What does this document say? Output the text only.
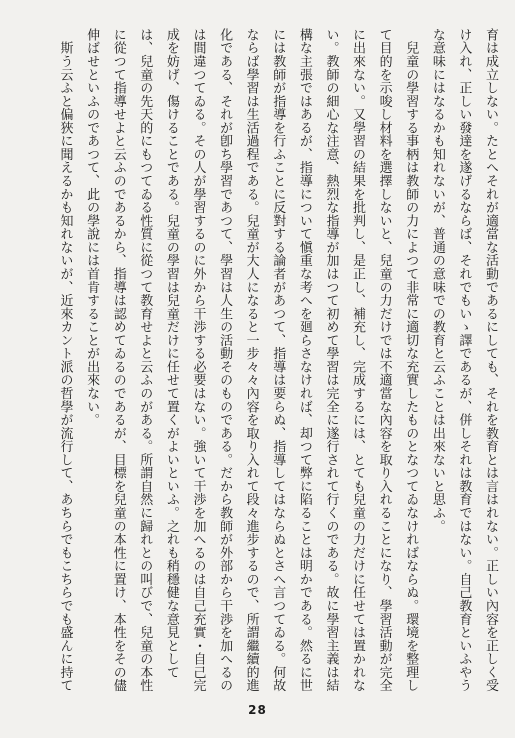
育は成立しない。たとへそれが適當な活動であるにしても、それを教育とは言はれない。正しい內容を正しく受
け入れ、正しい發達を遂げるならば、それでもいゝ譯であるが、併しそれは教育ではない。自己教育といふやう
な意味にはなるかも知れないが、普通の意味での教育と云ふことは出來ないと思ふ。
　兒童の學習する事柄は教師の力によつて非常に適切な充實したものとなつてゐなければならぬ。環境を整理し
て目的を示唆し材料を選擇しないと、兒童の力だけでは不適當な內容を取り入れることになり、學習活動が完全
に出來ない。又學習の結果を批判し、是正し、補充し、完成するには、とても兒童の力だけに任せては置かれな
い。教師の細心な注意、熱烈な指導が加はつて初めて學習は完全に遂行されて行くのである。故に學習主義は結
構な主張ではあるが、指導について愼重な考へを廻らさなければ、却つて弊に陷ることは明かである。然るに世
には教師が指導を行ふことに反對する論者があつて、指導は要らぬ、指導してはならぬとさへ言つてゐる。何故
ならば學習は生活過程である。兒童が大人になると一步々々內容を取り入れて段々進步するので、所謂繼續的進
化である、それが卽ち學習であつて、學習は人生の活動そのものである。だから教師が外部から干渉を加へるの
は間違つてゐる。その人が學習するのに外から干渉する必要はない。強いて干渉を加へるのは自己充實・自己完
成を妨げ、傷けることである。兒童の學習は兒童だけに任せて置くがよいといふ。之れも稍穩健な意見として
は、兒童の先天的にもつてゐる性質に從つて教育せよと云ふのがある。所謂自然に歸れとの叫びで、兒童の本性
に從つて指導せよと云ふのであるから、指導は認めてゐるのであるが、目標を兒童の本性に置け、本性をその儘
伸ばせといふのであつて、此の學說には首肯することが出來ない。
　斯う云ふと偏狹に聞えるかも知れないが、近來カント派の哲學が流行して、あちらでもこちらでも盛んに持て
28
